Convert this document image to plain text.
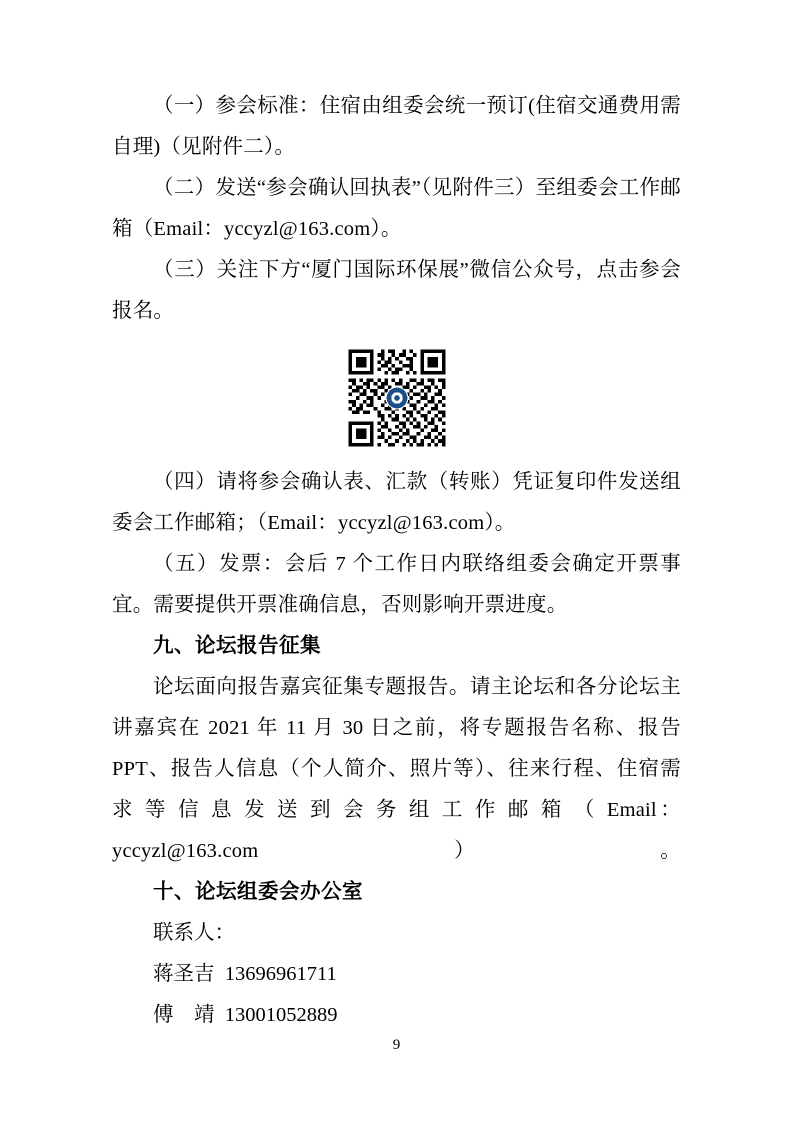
（一）参会标准：住宿由组委会统一预订(住宿交通费用需自理)（见附件二）。

（二）发送“参会确认回执表”（见附件三）至组委会工作邮箱（Email：yccyzl@163.com）。

（三）关注下方“厦门国际环保展”微信公众号，点击参会报名。

（四）请将参会确认表、汇款（转账）凭证复印件发送组委会工作邮箱；（Email：yccyzl@163.com）。

（五）发票：会后 7 个工作日内联络组委会确定开票事宜。需要提供开票准确信息，否则影响开票进度。

九、论坛报告征集

论坛面向报告嘉宾征集专题报告。请主论坛和各分论坛主讲嘉宾在 2021 年 11 月 30 日之前，将专题报告名称、报告 PPT、报告人信息（个人简介、照片等）、往来行程、住宿需 求 等 信 息 发 送 到 会 务 组 工 作 邮 箱 （ Email：yccyzl@163.com）。

十、论坛组委会办公室

联系人：

蒋圣吉 13696961711

傅　靖 13001052889

9
